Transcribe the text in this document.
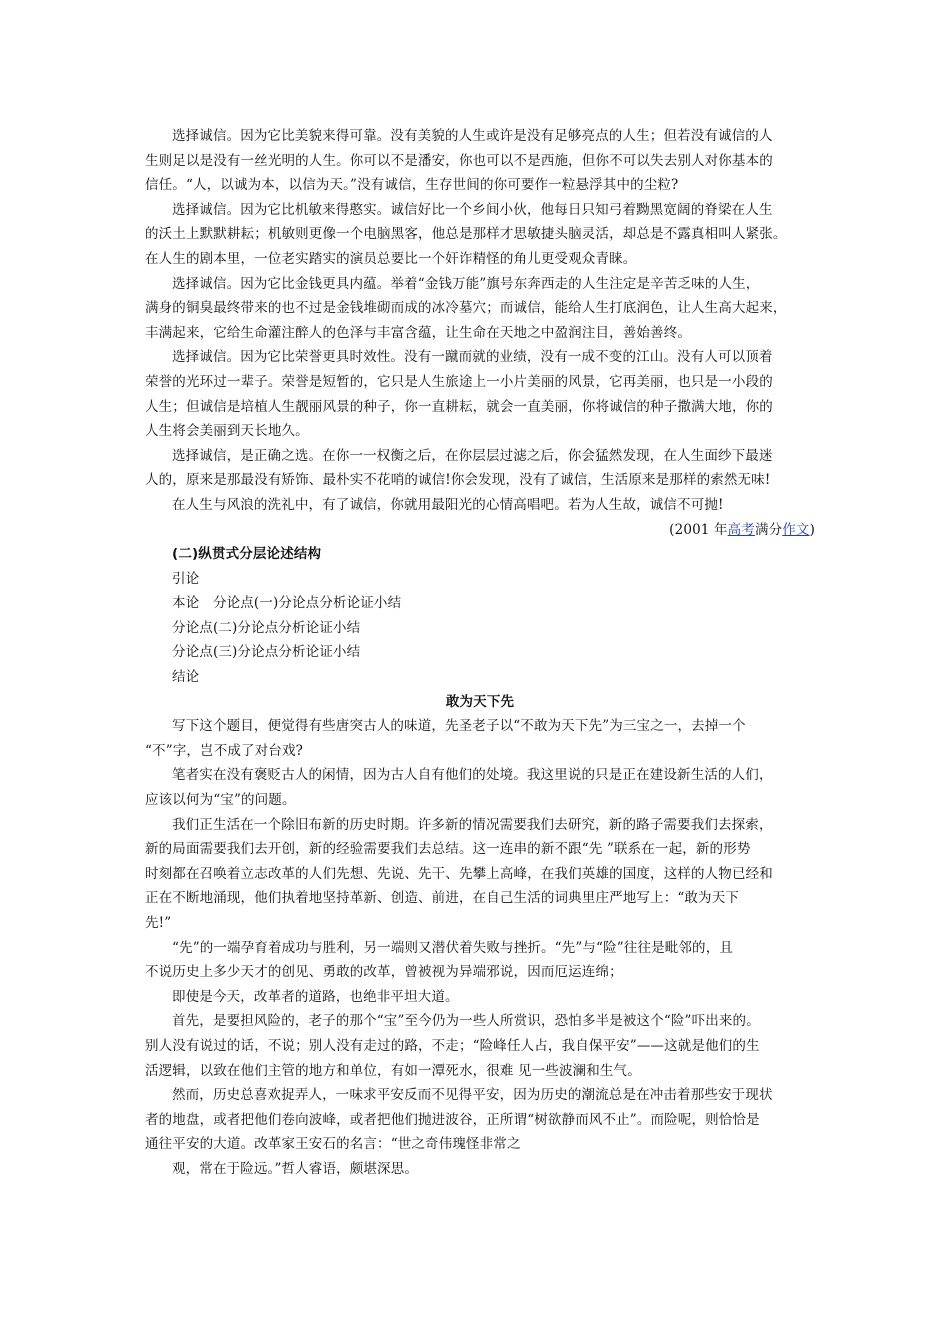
选择诚信。因为它比美貌来得可靠。没有美貌的人生或许是没有足够亮点的人生；但若没有诚信的人

生则足以是没有一丝光明的人生。你可以不是潘安，你也可以不是西施，但你不可以失去别人对你基本的

信任。“人，以诚为本，以信为天。”没有诚信，生存世间的你可要作一粒悬浮其中的尘粒?

选择诚信。因为它比机敏来得憨实。诚信好比一个乡间小伙，他每日只知弓着黝黑宽阔的脊梁在人生

的沃土上默默耕耘；机敏则更像一个电脑黑客，他总是那样才思敏捷头脑灵活，却总是不露真相叫人紧张。

在人生的剧本里，一位老实踏实的演员总要比一个奸诈精怪的角儿更受观众青睐。

选择诚信。因为它比金钱更具内蕴。举着“金钱万能”旗号东奔西走的人生注定是辛苦乏味的人生，

满身的铜臭最终带来的也不过是金钱堆砌而成的冰冷墓穴；而诚信，能给人生打底润色，让人生高大起来，

丰满起来，它给生命灌注醉人的色泽与丰富含蕴，让生命在天地之中盈润注目，善始善终。

选择诚信。因为它比荣誉更具时效性。没有一蹴而就的业绩，没有一成不变的江山。没有人可以顶着

荣誉的光环过一辈子。荣誉是短暂的，它只是人生旅途上一小片美丽的风景，它再美丽，也只是一小段的

人生；但诚信是培植人生靓丽风景的种子，你一直耕耘，就会一直美丽，你将诚信的种子撒满大地，你的

人生将会美丽到天长地久。

选择诚信，是正确之选。在你一一权衡之后，在你层层过滤之后，你会猛然发现，在人生面纱下最迷

人的，原来是那最没有矫饰、最朴实不花哨的诚信!你会发现，没有了诚信，生活原来是那样的索然无味!

在人生与风浪的洗礼中，有了诚信，你就用最阳光的心情高唱吧。若为人生故，诚信不可抛!

(2001 年高考满分作文)

(二)纵贯式分层论述结构

引论

本论　分论点(一)分论点分析论证小结

分论点(二)分论点分析论证小结

分论点(三)分论点分析论证小结

结论

敢为天下先

写下这个题目，便觉得有些唐突古人的味道，先圣老子以“不敢为天下先”为三宝之一，去掉一个

“不”字，岂不成了对台戏?

笔者实在没有褒贬古人的闲情，因为古人自有他们的处境。我这里说的只是正在建设新生活的人们，

应该以何为“宝”的问题。

我们正生活在一个除旧布新的历史时期。许多新的情况需要我们去研究，新的路子需要我们去探索，

新的局面需要我们去开创，新的经验需要我们去总结。这一连串的新不跟“先 ”联系在一起，新的形势

时刻都在召唤着立志改革的人们先想、先说、先干、先攀上高峰，在我们英雄的国度，这样的人物已经和

正在不断地涌现，他们执着地坚持革新、创造、前进，在自己生活的词典里庄严地写上：“敢为天下

先!”

“先”的一端孕育着成功与胜利，另一端则又潜伏着失败与挫折。“先”与“险”往往是毗邻的，且

不说历史上多少天才的创见、勇敢的改革，曾被视为异端邪说，因而厄运连绵；

即使是今天，改革者的道路，也绝非平坦大道。

首先，是要担风险的，老子的那个“宝”至今仍为一些人所赏识，恐怕多半是被这个“险”吓出来的。

别人没有说过的话，不说；别人没有走过的路，不走；“险峰任人占，我自保平安”——这就是他们的生

活逻辑，以致在他们主管的地方和单位，有如一潭死水，很难 见一些波澜和生气。

然而，历史总喜欢捉弄人，一味求平安反而不见得平安，因为历史的潮流总是在冲击着那些安于现状

者的地盘，或者把他们卷向波峰，或者把他们抛进波谷，正所谓“树欲静而风不止”。而险呢，则恰恰是

通往平安的大道。改革家王安石的名言：“世之奇伟瑰怪非常之

观，常在于险远。”哲人睿语，颇堪深思。
